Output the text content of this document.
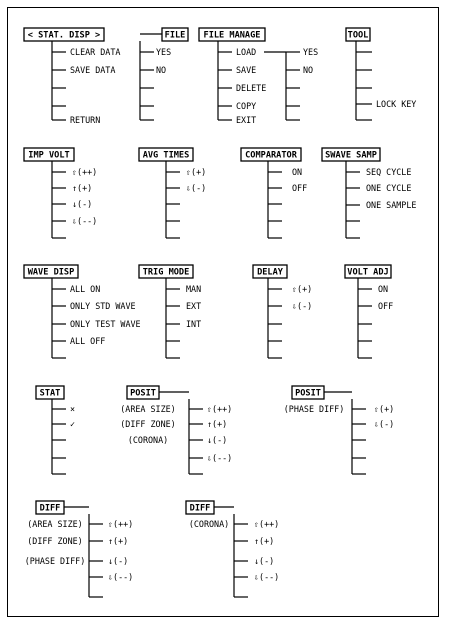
< STAT. DISP >
CLEAR DATA
SAVE DATA
RETURN
FILE
YES
NO
FILE MANAGE
LOAD
SAVE
DELETE
COPY
EXIT
YES
NO
TOOL
LOCK KEY
IMP VOLT
⇧(++)
↑(+)
↓(-)
⇩(--)
AVG TIMES
⇧(+)
⇩(-)
COMPARATOR
ON
OFF
SWAVE SAMP
SEQ CYCLE
ONE CYCLE
ONE SAMPLE
WAVE DISP
ALL ON
ONLY STD WAVE
ONLY TEST WAVE
ALL OFF
TRIG MODE
MAN
EXT
INT
DELAY
⇧(+)
⇩(-)
VOLT ADJ
ON
OFF
STAT
×
✓
POSIT
⇧(++)
↑(+)
↓(-)
⇩(--)
(AREA SIZE)
(DIFF ZONE)
(CORONA)
POSIT
⇧(+)
⇩(-)
(PHASE DIFF)
DIFF
⇧(++)
↑(+)
↓(-)
⇩(--)
(AREA SIZE)
(DIFF ZONE)
(PHASE DIFF)
DIFF
⇧(++)
↑(+)
↓(-)
⇩(--)
(CORONA)
